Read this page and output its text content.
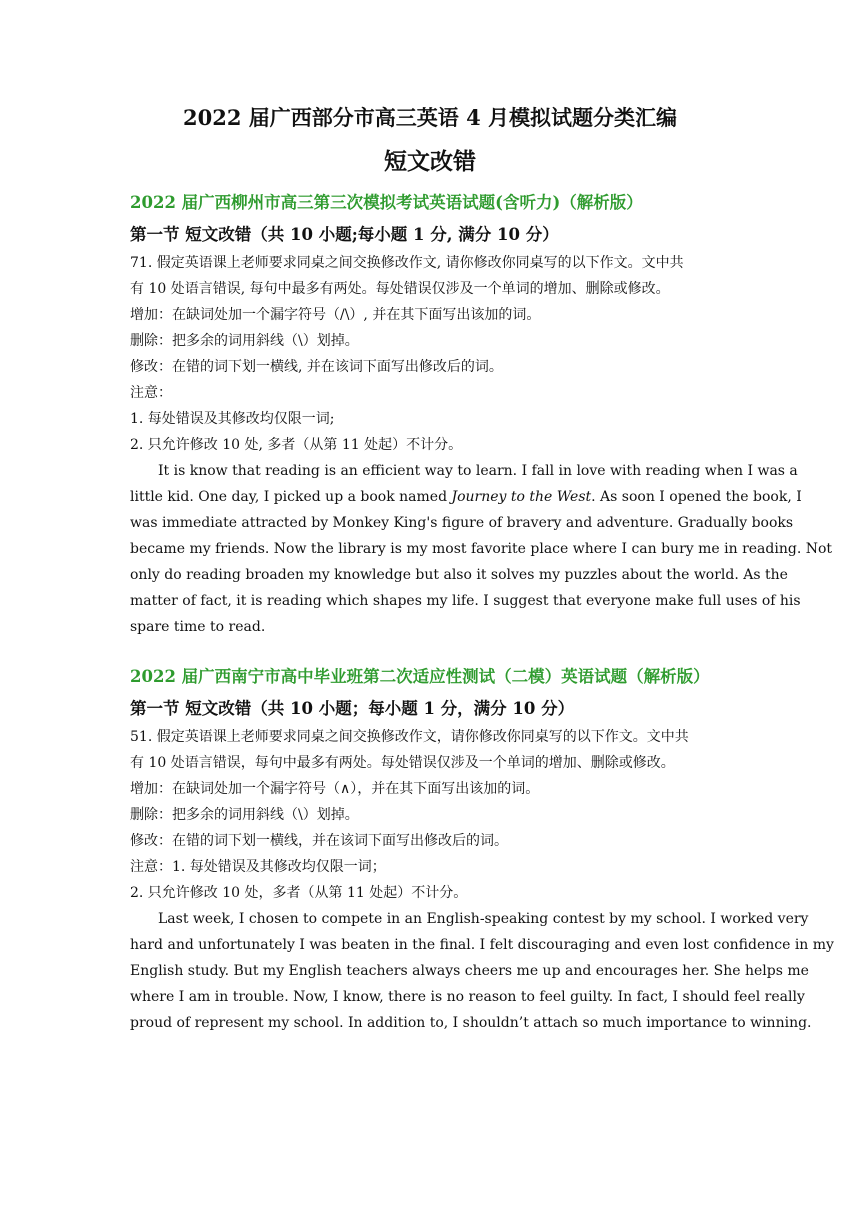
2022 届广西部分市高三英语 4 月模拟试题分类汇编
短文改错
2022 届广西柳州市高三第三次模拟考试英语试题(含听力)（解析版）
第一节 短文改错（共 10 小题;每小题 1 分, 满分 10 分）

71. 假定英语课上老师要求同桌之间交换修改作文, 请你修改你同桌写的以下作文。文中共

有 10 处语言错误, 每句中最多有两处。每处错误仅涉及一个单词的增加、删除或修改。

增加：在缺词处加一个漏字符号（/\）, 并在其下面写出该加的词。

删除：把多余的词用斜线（\）划掉。

修改：在错的词下划一横线, 并在该词下面写出修改后的词。

注意：

1. 每处错误及其修改均仅限一词;

2. 只允许修改 10 处, 多者（从第 11 处起）不计分。

It is know that reading is an efficient way to learn. I fall in love with reading when I was a
little kid. One day, I picked up a book named Journey to the West. As soon I opened the book, I
was immediate attracted by Monkey King's figure of bravery and adventure. Gradually books
became my friends. Now the library is my most favorite place where I can bury me in reading. Not
only do reading broaden my knowledge but also it solves my puzzles about the world. As the
matter of fact, it is reading which shapes my life. I suggest that everyone make full uses of his
spare time to read.
2022 届广西南宁市高中毕业班第二次适应性测试（二模）英语试题（解析版）
第一节 短文改错（共 10 小题；每小题 1 分，满分 10 分）

51. 假定英语课上老师要求同桌之间交换修改作文，请你修改你同桌写的以下作文。文中共

有 10 处语言错误，每句中最多有两处。每处错误仅涉及一个单词的增加、删除或修改。

增加：在缺词处加一个漏字符号（∧），并在其下面写出该加的词。

删除：把多余的词用斜线（\）划掉。

修改：在错的词下划一横线，并在该词下面写出修改后的词。

注意：1. 每处错误及其修改均仅限一词；

2. 只允许修改 10 处，多者（从第 11 处起）不计分。

Last week, I chosen to compete in an English-speaking contest by my school. I worked very
hard and unfortunately I was beaten in the final. I felt discouraging and even lost confidence in my
English study. But my English teachers always cheers me up and encourages her. She helps me
where I am in trouble. Now, I know, there is no reason to feel guilty. In fact, I should feel really
proud of represent my school. In addition to, I shouldn’t attach so much importance to winning.
